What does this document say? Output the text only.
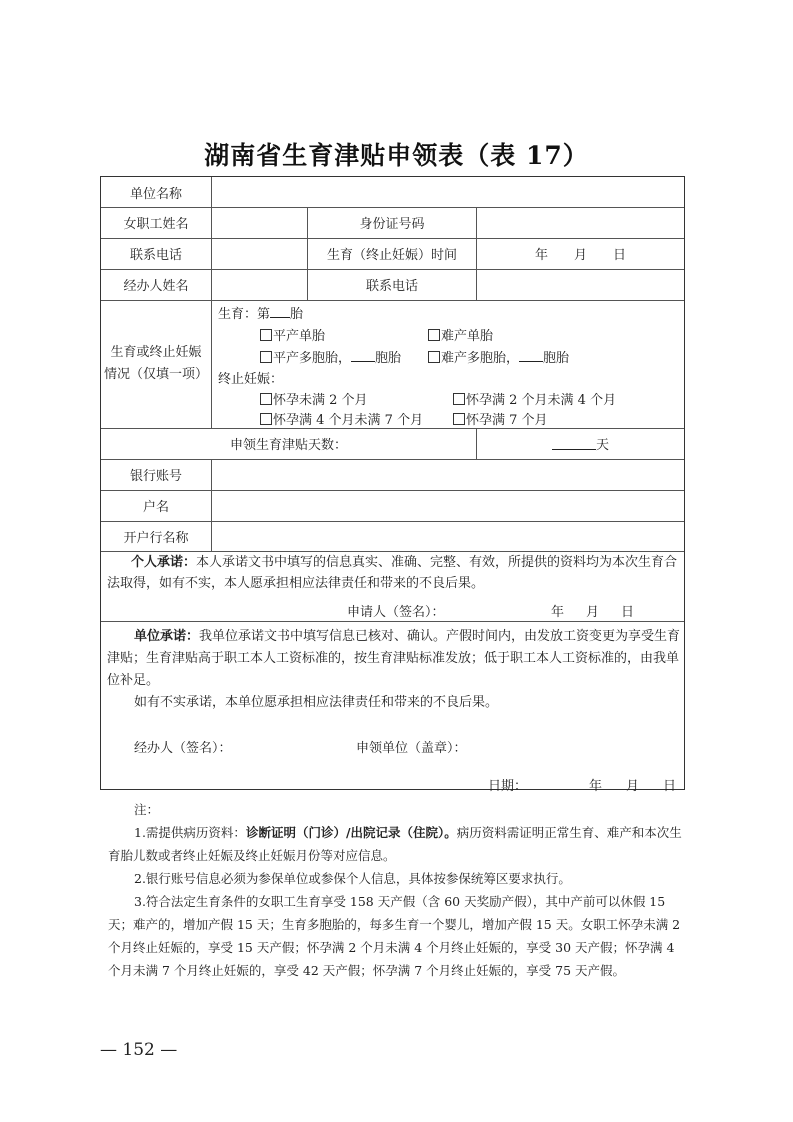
湖南省生育津贴申领表（表 17）
单位名称
女职工姓名	身份证号码
联系电话	生育（终止妊娠）时间	年 月 日
经办人姓名	联系电话
生育或终止妊娠
情况（仅填一项）
生育：第 胎
平产单胎	难产单胎
平产多胞胎， 胞胎	难产多胞胎， 胞胎
终止妊娠：
怀孕未满 2 个月	怀孕满 2 个月未满 4 个月
怀孕满 4 个月未满 7 个月	怀孕满 7 个月
申领生育津贴天数：	天
银行账号
户名
开户行名称
个人承诺：本人承诺文书中填写的信息真实、准确、完整、有效，所提供的资料均为本次生育合法取得，如有不实，本人愿承担相应法律责任和带来的不良后果。
申请人（签名）：	年 月 日
单位承诺：我单位承诺文书中填写信息已核对、确认。产假时间内，由发放工资变更为享受生育津贴；生育津贴高于职工本人工资标准的，按生育津贴标准发放；低于职工本人工资标准的，由我单位补足。
如有不实承诺，本单位愿承担相应法律责任和带来的不良后果。
经办人（签名）：	申领单位（盖章）：
日期：	年 月 日

注：

1.需提供病历资料：诊断证明（门诊）/出院记录（住院）。病历资料需证明正常生育、难产和本次生育胎儿数或者终止妊娠及终止妊娠月份等对应信息。

2.银行账号信息必须为参保单位或参保个人信息，具体按参保统筹区要求执行。

3.符合法定生育条件的女职工生育享受 158 天产假（含 60 天奖励产假），其中产前可以休假 15 天；难产的，增加产假 15 天；生育多胞胎的，每多生育一个婴儿，增加产假 15 天。女职工怀孕未满 2 个月终止妊娠的，享受 15 天产假；怀孕满 2 个月未满 4 个月终止妊娠的，享受 30 天产假；怀孕满 4 个月未满 7 个月终止妊娠的，享受 42 天产假；怀孕满 7 个月终止妊娠的，享受 75 天产假。

— 152 —
